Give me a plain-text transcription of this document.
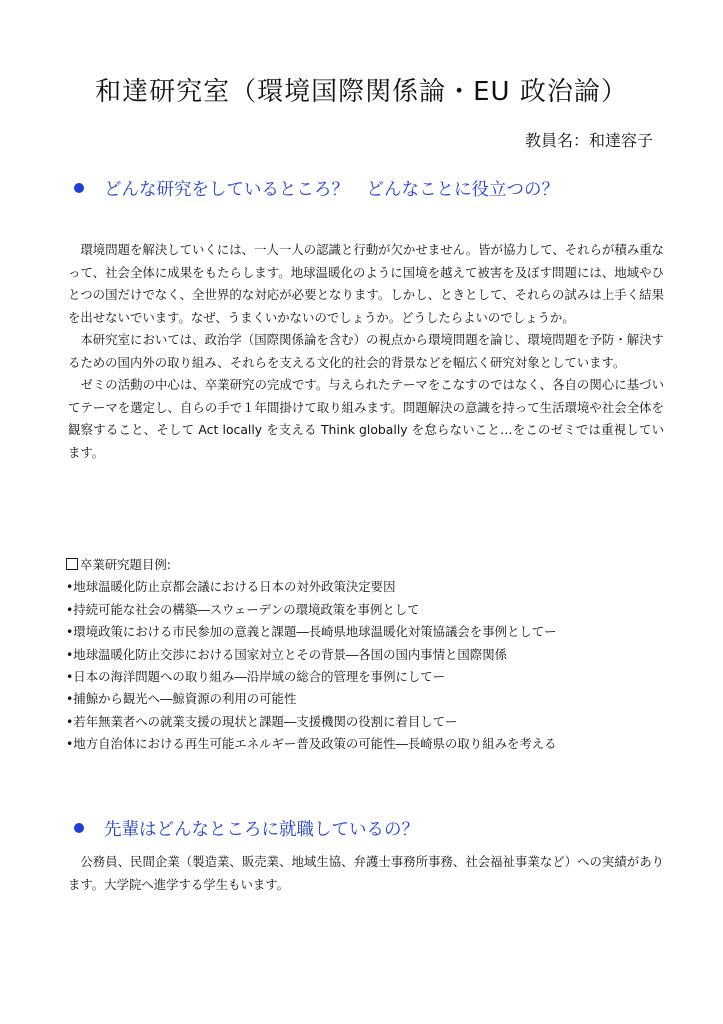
和達研究室（環境国際関係論・EU 政治論）
教員名：和達容子
どんな研究をしているところ？　どんなことに役立つの？

環境問題を解決していくには、一人一人の認識と行動が欠かせません。皆が協力して、それらが積み重なって、社会全体に成果をもたらします。地球温暖化のように国境を越えて被害を及ぼす問題には、地域やひとつの国だけでなく、全世界的な対応が必要となります。しかし、ときとして、それらの試みは上手く結果を出せないでいます。なぜ、うまくいかないのでしょうか。どうしたらよいのでしょうか。

本研究室においては、政治学（国際関係論を含む）の視点から環境問題を論じ、環境問題を予防・解決するための国内外の取り組み、それらを支える文化的社会的背景などを幅広く研究対象としています。

ゼミの活動の中心は、卒業研究の完成です。与えられたテーマをこなすのではなく、各自の関心に基づいてテーマを選定し、自らの手で１年間掛けて取り組みます。問題解決の意識を持って生活環境や社会全体を観察すること、そして Act locally を支える Think globally を怠らないこと…をこのゼミでは重視しています。

卒業研究題目例:
•地球温暖化防止京都会議における日本の対外政策決定要因
•持続可能な社会の構築―スウェーデンの環境政策を事例として
•環境政策における市民参加の意義と課題―長崎県地球温暖化対策協議会を事例としてー
•地球温暖化防止交渉における国家対立とその背景―各国の国内事情と国際関係
•日本の海洋問題への取り組み―沿岸域の総合的管理を事例にしてー
•捕鯨から観光へ―鯨資源の利用の可能性
•若年無業者への就業支援の現状と課題―支援機関の役割に着目してー
•地方自治体における再生可能エネルギー普及政策の可能性―長崎県の取り組みを考える
先輩はどんなところに就職しているの？

公務員、民間企業（製造業、販売業、地域生協、弁護士事務所事務、社会福祉事業など）への実績があります。大学院へ進学する学生もいます。
